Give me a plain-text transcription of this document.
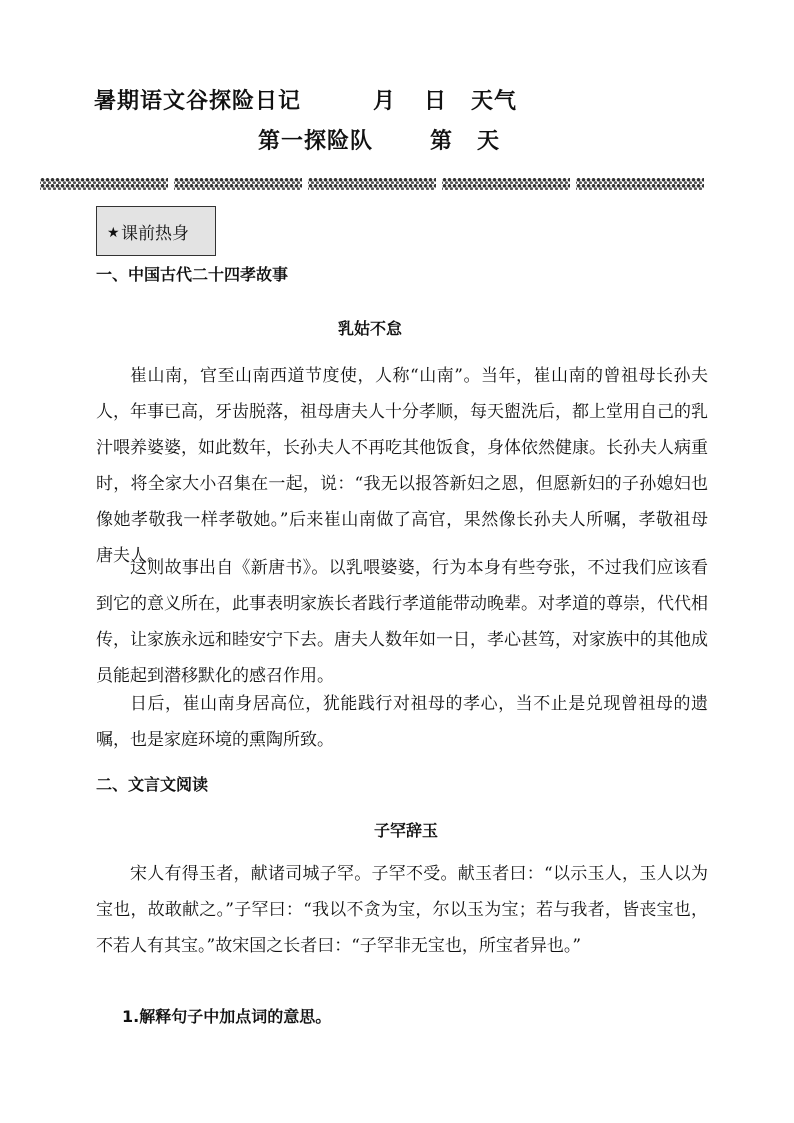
暑期语文谷探险日记	月 日 天气
第一探险队	第 天
★ 课前热身
一、中国古代二十四孝故事
乳姑不怠

崔山南，官至山南西道节度使，人称“山南”。当年，崔山南的曾祖母长孙夫人，年事已高，牙齿脱落，祖母唐夫人十分孝顺，每天盥洗后，都上堂用自己的乳汁喂养婆婆，如此数年，长孙夫人不再吃其他饭食，身体依然健康。长孙夫人病重时，将全家大小召集在一起，说：“我无以报答新妇之恩，但愿新妇的子孙媳妇也像她孝敬我一样孝敬她。”后来崔山南做了高官，果然像长孙夫人所嘱，孝敬祖母唐夫人。

这则故事出自《新唐书》。以乳喂婆婆，行为本身有些夸张，不过我们应该看到它的意义所在，此事表明家族长者践行孝道能带动晚辈。对孝道的尊崇，代代相传，让家族永远和睦安宁下去。唐夫人数年如一日，孝心甚笃，对家族中的其他成员能起到潜移默化的感召作用。

日后，崔山南身居高位，犹能践行对祖母的孝心，当不止是兑现曾祖母的遗嘱，也是家庭环境的熏陶所致。

二、文言文阅读
子罕辞玉

宋人有得玉者，献诸司城子罕。子罕不受。献玉者曰：“以示玉人，玉人以为宝也，故敢献之。”子罕曰：“我以不贪为宝，尔以玉为宝；若与我者，皆丧宝也，不若人有其宝。”故宋国之长者曰：“子罕非无宝也，所宝者异也。”

1.解释句子中加点词的意思。
